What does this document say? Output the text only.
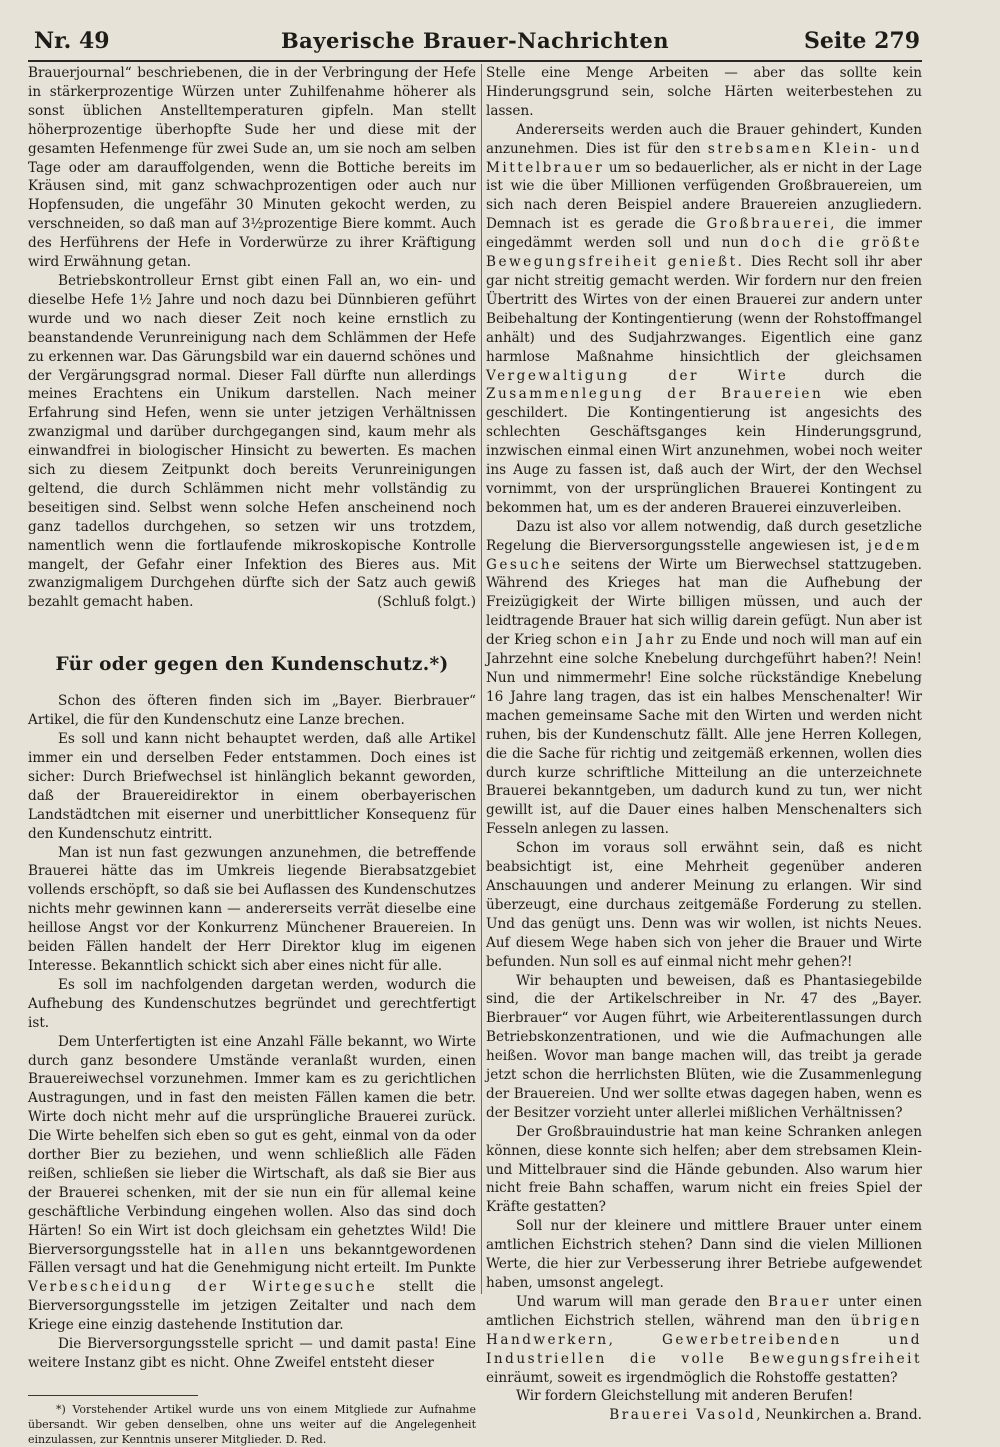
Nr. 49	Bayerische Brauer-Nachrichten	Seite 279

Brauerjournal“ beschriebenen, die in der Verbringung der Hefe in stärkerprozentige Würzen unter Zuhilfenahme höherer als sonst üblichen Anstelltemperaturen gipfeln. Man stellt höherprozentige überhopfte Sude her und diese mit der gesamten Hefenmenge für zwei Sude an, um sie noch am selben Tage oder am darauffolgenden, wenn die Bottiche bereits im Kräusen sind, mit ganz schwachprozentigen oder auch nur Hopfensuden, die ungefähr 30 Minuten gekocht werden, zu verschneiden, so daß man auf 3½prozentige Biere kommt. Auch des Herführens der Hefe in Vorderwürze zu ihrer Kräftigung wird Erwähnung getan.

Betriebskontrolleur Ernst gibt einen Fall an, wo ein- und dieselbe Hefe 1½ Jahre und noch dazu bei Dünnbieren geführt wurde und wo nach dieser Zeit noch keine ernstlich zu beanstandende Verunreinigung nach dem Schlämmen der Hefe zu erkennen war. Das Gärungsbild war ein dauernd schönes und der Vergärungsgrad normal. Dieser Fall dürfte nun allerdings meines Erachtens ein Unikum darstellen. Nach meiner Erfahrung sind Hefen, wenn sie unter jetzigen Verhältnissen zwanzigmal und darüber durchgegangen sind, kaum mehr als einwandfrei in biologischer Hinsicht zu bewerten. Es machen sich zu diesem Zeitpunkt doch bereits Verunreinigungen geltend, die durch Schlämmen nicht mehr vollständig zu beseitigen sind. Selbst wenn solche Hefen anscheinend noch ganz tadellos durchgehen, so setzen wir uns trotzdem, namentlich wenn die fortlaufende mikroskopische Kontrolle mangelt, der Gefahr einer Infektion des Bieres aus. Mit zwanzigmaligem Durchgehen dürfte sich der Satz auch gewiß bezahlt gemacht haben.	(Schluß folgt.)

Für oder gegen den Kundenschutz.*)

Schon des öfteren finden sich im „Bayer. Bierbrauer“ Artikel, die für den Kundenschutz eine Lanze brechen.

Es soll und kann nicht behauptet werden, daß alle Artikel immer ein und derselben Feder entstammen. Doch eines ist sicher: Durch Briefwechsel ist hinlänglich bekannt geworden, daß der Brauereidirektor in einem oberbayerischen Landstädtchen mit eiserner und unerbittlicher Konsequenz für den Kundenschutz eintritt.

Man ist nun fast gezwungen anzunehmen, die betreffende Brauerei hätte das im Umkreis liegende Bierabsatzgebiet vollends erschöpft, so daß sie bei Auflassen des Kundenschutzes nichts mehr gewinnen kann — andererseits verrät dieselbe eine heillose Angst vor der Konkurrenz Münchener Brauereien. In beiden Fällen handelt der Herr Direktor klug im eigenen Interesse. Bekanntlich schickt sich aber eines nicht für alle.

Es soll im nachfolgenden dargetan werden, wodurch die Aufhebung des Kundenschutzes begründet und gerechtfertigt ist.

Dem Unterfertigten ist eine Anzahl Fälle bekannt, wo Wirte durch ganz besondere Umstände veranlaßt wurden, einen Brauereiwechsel vorzunehmen. Immer kam es zu gerichtlichen Austragungen, und in fast den meisten Fällen kamen die betr. Wirte doch nicht mehr auf die ursprüngliche Brauerei zurück. Die Wirte behelfen sich eben so gut es geht, einmal von da oder dorther Bier zu beziehen, und wenn schließlich alle Fäden reißen, schließen sie lieber die Wirtschaft, als daß sie Bier aus der Brauerei schenken, mit der sie nun ein für allemal keine geschäftliche Verbindung eingehen wollen. Also das sind doch Härten! So ein Wirt ist doch gleichsam ein gehetztes Wild! Die Bierversorgungsstelle hat in allen uns bekanntgewordenen Fällen versagt und hat die Genehmigung nicht erteilt. Im Punkte Verbescheidung der Wirtegesuche stellt die Bierversorgungsstelle im jetzigen Zeitalter und nach dem Kriege eine einzig dastehende Institution dar.

Die Bierversorgungsstelle spricht — und damit pasta! Eine weitere Instanz gibt es nicht. Ohne Zweifel entsteht dieser

*) Vorstehender Artikel wurde uns von einem Mitgliede zur Aufnahme übersandt. Wir geben denselben, ohne uns weiter auf die Angelegenheit einzulassen, zur Kenntnis unserer Mitglieder. D. Red.

Stelle eine Menge Arbeiten — aber das sollte kein Hinderungsgrund sein, solche Härten weiterbestehen zu lassen.

Andererseits werden auch die Brauer gehindert, Kunden anzunehmen. Dies ist für den strebsamen Klein- und Mittelbrauer um so bedauerlicher, als er nicht in der Lage ist wie die über Millionen verfügenden Großbrauereien, um sich nach deren Beispiel andere Brauereien anzugliedern. Demnach ist es gerade die Großbrauerei, die immer eingedämmt werden soll und nun doch die größte Bewegungsfreiheit genießt. Dies Recht soll ihr aber gar nicht streitig gemacht werden. Wir fordern nur den freien Übertritt des Wirtes von der einen Brauerei zur andern unter Beibehaltung der Kontingentierung (wenn der Rohstoffmangel anhält) und des Sudjahrzwanges. Eigentlich eine ganz harmlose Maßnahme hinsichtlich der gleichsamen Vergewaltigung der Wirte	durch die Zusammenlegung der Brauereien wie eben geschildert. Die Kontingentierung ist angesichts des schlechten Geschäftsganges kein Hinderungsgrund, inzwischen einmal einen Wirt anzunehmen, wobei noch weiter ins Auge zu fassen ist, daß auch der Wirt, der den Wechsel vornimmt, von der ursprünglichen Brauerei Kontingent zu bekommen hat, um es der anderen Brauerei einzuverleiben.

Dazu ist also vor allem notwendig, daß durch gesetzliche Regelung die Bierversorgungsstelle angewiesen ist, jedem Gesuche seitens der Wirte um Bierwechsel stattzugeben. Während des Krieges hat man die Aufhebung der Freizügigkeit der Wirte billigen müssen, und auch der leidtragende Brauer hat sich willig darein gefügt. Nun aber ist der Krieg schon ein Jahr zu Ende und noch will man auf ein Jahrzehnt eine solche Knebelung durchgeführt haben?! Nein! Nun und nimmermehr! Eine solche rückständige Knebelung 16 Jahre lang tragen, das ist ein halbes Menschenalter! Wir machen gemeinsame Sache mit den Wirten und werden nicht ruhen, bis der Kundenschutz fällt. Alle jene Herren Kollegen, die die Sache für richtig und zeitgemäß erkennen, wollen dies durch kurze schriftliche Mitteilung an die unterzeichnete Brauerei bekanntgeben, um dadurch kund zu tun, wer nicht gewillt ist, auf die Dauer eines halben Menschenalters sich Fesseln anlegen zu lassen.

Schon im voraus soll erwähnt sein, daß es nicht beabsichtigt ist, eine Mehrheit gegenüber anderen Anschauungen und anderer Meinung zu erlangen. Wir sind überzeugt, eine durchaus zeitgemäße Forderung zu stellen. Und das genügt uns. Denn was wir wollen, ist nichts Neues. Auf diesem Wege haben sich von jeher die Brauer und Wirte befunden. Nun soll es auf einmal nicht mehr gehen?!

Wir behaupten und beweisen, daß es Phantasiegebilde sind, die der Artikelschreiber in Nr. 47 des „Bayer. Bierbrauer“ vor Augen führt, wie Arbeiterentlassungen durch Betriebskonzentrationen, und wie die Aufmachungen alle heißen. Wovor man bange machen will, das treibt ja gerade jetzt schon die herrlichsten Blüten, wie die Zusammenlegung der Brauereien. Und wer sollte etwas dagegen haben, wenn es der Besitzer vorzieht unter allerlei mißlichen Verhältnissen?

Der Großbrauindustrie hat man keine Schranken anlegen können, diese konnte sich helfen; aber dem strebsamen Klein- und Mittelbrauer sind die Hände gebunden. Also warum hier nicht freie Bahn schaffen, warum nicht ein freies Spiel der Kräfte gestatten?

Soll nur der kleinere und mittlere Brauer unter einem amtlichen Eichstrich stehen? Dann sind die vielen Millionen Werte, die hier zur Verbesserung ihrer Betriebe aufgewendet haben, umsonst angelegt.

Und warum will man gerade den Brauer unter einen amtlichen Eichstrich stellen, während man den übrigen Handwerkern, Gewerbetreibenden und Industriellen die volle Bewegungsfreiheit einräumt, soweit es irgendmöglich die Rohstoffe gestatten?

Wir fordern Gleichstellung mit anderen Berufen!

Brauerei Vasold, Neunkirchen a. Brand.
